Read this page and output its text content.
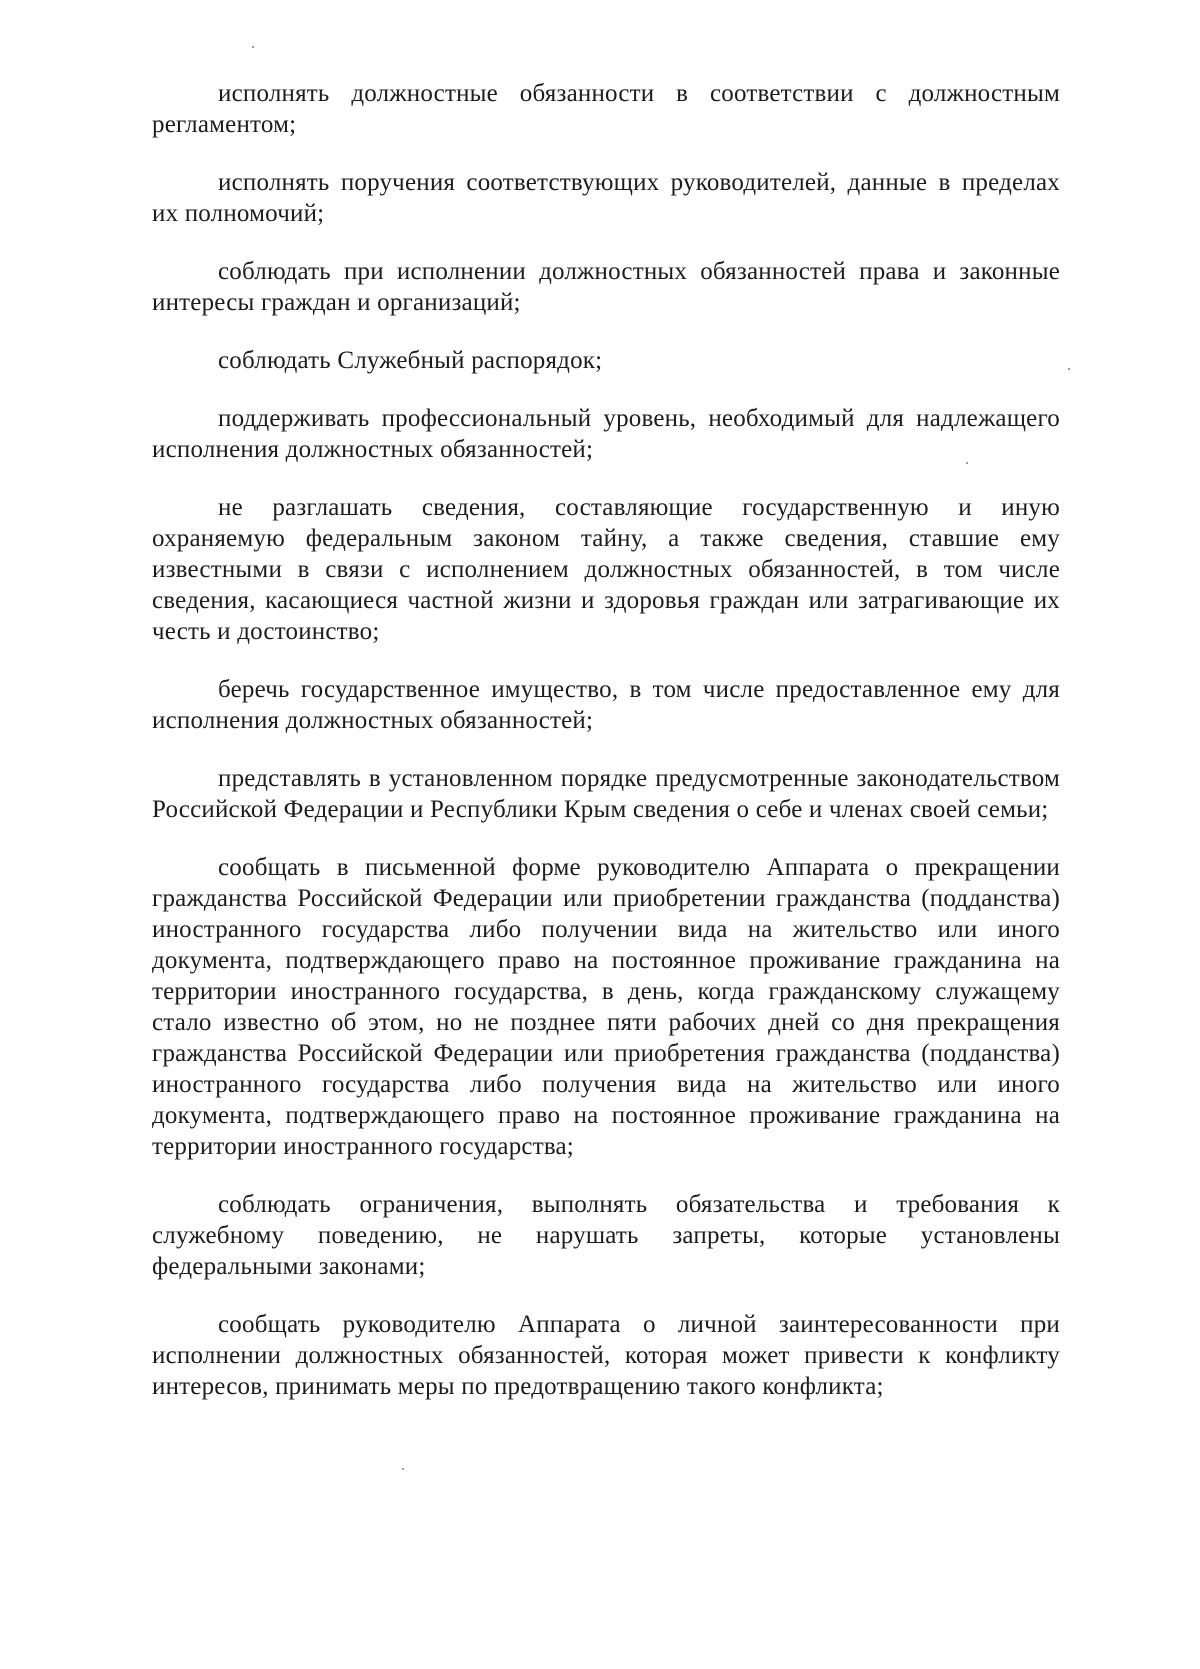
исполнять должностные обязанности в соответствии с должностным регламентом;

исполнять поручения соответствующих руководителей, данные в пределах их полномочий;

соблюдать при исполнении должностных обязанностей права и законные интересы граждан и организаций;

соблюдать Служебный распорядок;

поддерживать профессиональный уровень, необходимый для надлежащего исполнения должностных обязанностей;

не разглашать сведения, составляющие государственную и иную охраняемую федеральным законом тайну, а также сведения, ставшие ему известными в связи с исполнением должностных обязанностей, в том числе сведения, касающиеся частной жизни и здоровья граждан или затрагивающие их честь и достоинство;

беречь государственное имущество, в том числе предоставленное ему для исполнения должностных обязанностей;

представлять в установленном порядке предусмотренные законодательством Российской Федерации и Республики Крым сведения о себе и членах своей семьи;

сообщать в письменной форме руководителю Аппарата о прекращении гражданства Российской Федерации или приобретении гражданства (подданства) иностранного государства либо получении вида на жительство или иного документа, подтверждающего право на постоянное проживание гражданина на территории иностранного государства, в день, когда гражданскому служащему стало известно об этом, но не позднее пяти рабочих дней со дня прекращения гражданства Российской Федерации или приобретения гражданства (подданства) иностранного государства либо получения вида на жительство или иного документа, подтверждающего право на постоянное проживание гражданина на территории иностранного государства;

соблюдать ограничения, выполнять обязательства и требования к служебному поведению, не нарушать запреты, которые установлены федеральными законами;

сообщать руководителю Аппарата о личной заинтересованности при исполнении должностных обязанностей, которая может привести к конфликту интересов, принимать меры по предотвращению такого конфликта;
